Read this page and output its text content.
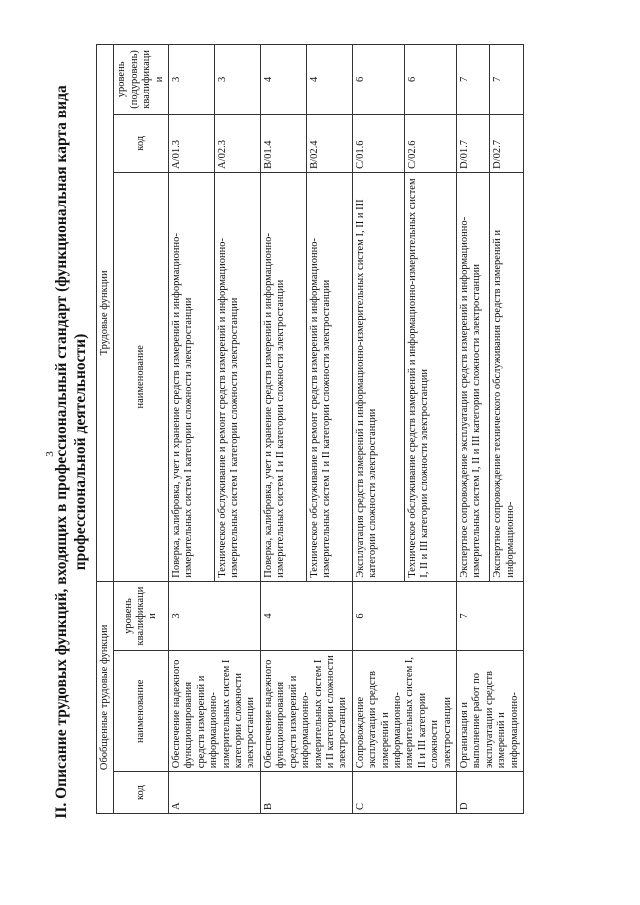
3

II. Описание трудовых функций, входящих в профессиональный стандарт (функциональная карта вида профессиональной деятельности)

Обобщенные трудовые функции			Трудовые функции		
код	наименование	уровень квалификации	наименование	код	уровень (подуровень) квалификации
A	Обеспечение надежного функционирования средств измерений и информационно-измерительных систем I категории сложности электростанции	3	Поверка, калибровка, учет и хранение средств измерений и информационно-измерительных систем I категории сложности электростанции	A/01.3	3
			Техническое обслуживание и ремонт средств измерений и информационно-измерительных систем I категории сложности электростанции	A/02.3	3
B	Обеспечение надежного функционирования средств измерений и информационно-измерительных систем I и II категории сложности электростанции	4	Поверка, калибровка, учет и хранение средств измерений и информационно-измерительных систем I и II категории сложности электростанции	B/01.4	4
			Техническое обслуживание и ремонт средств измерений и информационно-измерительных систем I и II категории сложности электростанции	B/02.4	4
C	Сопровождение эксплуатации средств измерений и информационно-измерительных систем I, II и III категории сложности электростанции	6	Эксплуатация средств измерений и информационно-измерительных систем I, II и III категории сложности электростанции	C/01.6	6
			Техническое обслуживание средств измерений и информационно-измерительных систем I, II и III категории сложности электростанции	C/02.6	6
D	Организация и выполнение работ по эксплуатации средств измерений и информационно-	7	Экспертное сопровождение эксплуатации средств измерений и информационно-измерительных систем I, II и III категории сложности электростанции	D/01.7	7
			Экспертное сопровождение технического обслуживания средств измерений и информационно-	D/02.7	7
